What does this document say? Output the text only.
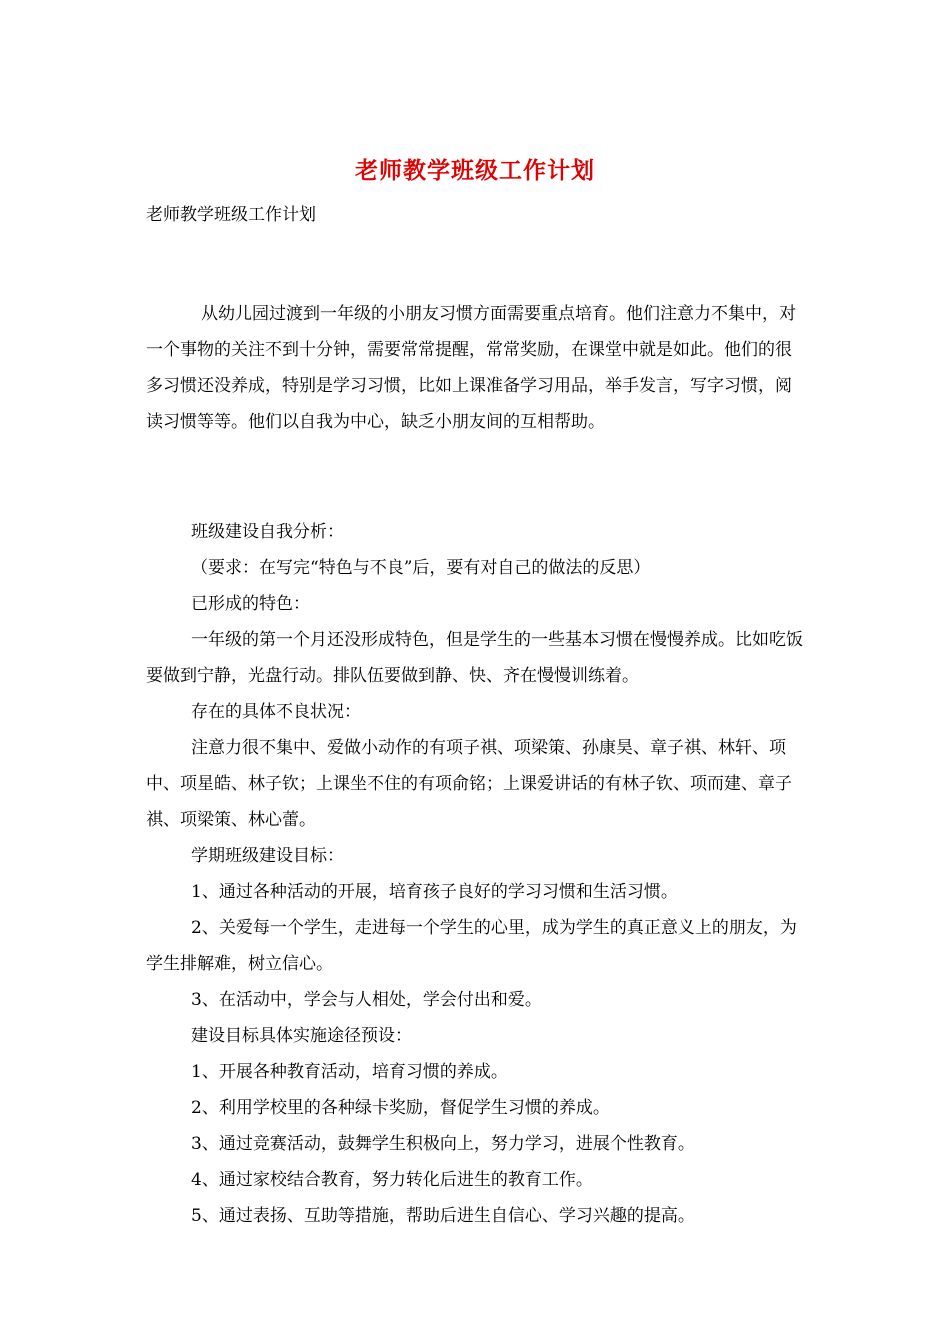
老师教学班级工作计划

老师教学班级工作计划

从幼儿园过渡到一年级的小朋友习惯方面需要重点培育。他们注意力不集中，对一个事物的关注不到十分钟，需要常常提醒，常常奖励，在课堂中就是如此。他们的很多习惯还没养成，特别是学习习惯，比如上课准备学习用品，举手发言，写字习惯，阅读习惯等等。他们以自我为中心，缺乏小朋友间的互相帮助。

班级建设自我分析：

（要求：在写完“特色与不良”后，要有对自己的做法的反思）

已形成的特色：

一年级的第一个月还没形成特色，但是学生的一些基本习惯在慢慢养成。比如吃饭要做到宁静，光盘行动。排队伍要做到静、快、齐在慢慢训练着。

存在的具体不良状况：

注意力很不集中、爱做小动作的有项子祺、项梁策、孙康昊、章子祺、林轩、项中、项星皓、林子钦；上课坐不住的有项俞铭；上课爱讲话的有林子钦、项而建、章子祺、项梁策、林心蕾。

学期班级建设目标：

1、通过各种活动的开展，培育孩子良好的学习习惯和生活习惯。

2、关爱每一个学生，走进每一个学生的心里，成为学生的真正意义上的朋友，为学生排解难，树立信心。

3、在活动中，学会与人相处，学会付出和爱。

建设目标具体实施途径预设：

1、开展各种教育活动，培育习惯的养成。

2、利用学校里的各种绿卡奖励，督促学生习惯的养成。

3、通过竞赛活动，鼓舞学生积极向上，努力学习，进展个性教育。

4、通过家校结合教育，努力转化后进生的教育工作。

5、通过表扬、互助等措施，帮助后进生自信心、学习兴趣的提高。
